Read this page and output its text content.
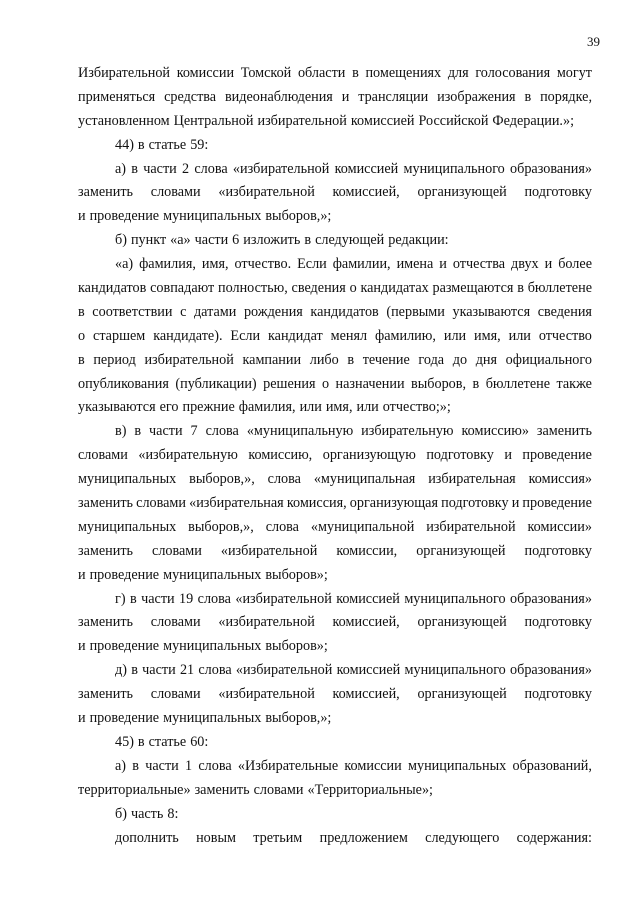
39
Избирательной комиссии Томской области в помещениях для голосования могут
применяться средства видеонаблюдения и трансляции изображения в порядке,
установленном Центральной избирательной комиссией Российской Федерации.»;
44) в статье 59:
а) в части 2 слова «избирательной комиссией муниципального образования»
заменить словами «избирательной комиссией, организующей подготовку
и проведение муниципальных выборов,»;
б) пункт «а» части 6 изложить в следующей редакции:
«а) фамилия, имя, отчество. Если фамилии, имена и отчества двух и более
кандидатов совпадают полностью, сведения о кандидатах размещаются в бюллетене
в соответствии с датами рождения кандидатов (первыми указываются сведения
о старшем кандидате). Если кандидат менял фамилию, или имя, или отчество
в период избирательной кампании либо в течение года до дня официального
опубликования (публикации) решения о назначении выборов, в бюллетене также
указываются его прежние фамилия, или имя, или отчество;»;
в) в части 7 слова «муниципальную избирательную комиссию» заменить
словами «избирательную комиссию, организующую подготовку и проведение
муниципальных выборов,», слова «муниципальная избирательная комиссия»
заменить словами «избирательная комиссия, организующая подготовку и проведение
муниципальных выборов,», слова «муниципальной избирательной комиссии»
заменить словами «избирательной комиссии, организующей подготовку
и проведение муниципальных выборов»;
г) в части 19 слова «избирательной комиссией муниципального образования»
заменить словами «избирательной комиссией, организующей подготовку
и проведение муниципальных выборов»;
д) в части 21 слова «избирательной комиссией муниципального образования»
заменить словами «избирательной комиссией, организующей подготовку
и проведение муниципальных выборов,»;
45) в статье 60:
а) в части 1 слова «Избирательные комиссии муниципальных образований,
территориальные» заменить словами «Территориальные»;
б) часть 8:
дополнить новым третьим предложением следующего содержания:
